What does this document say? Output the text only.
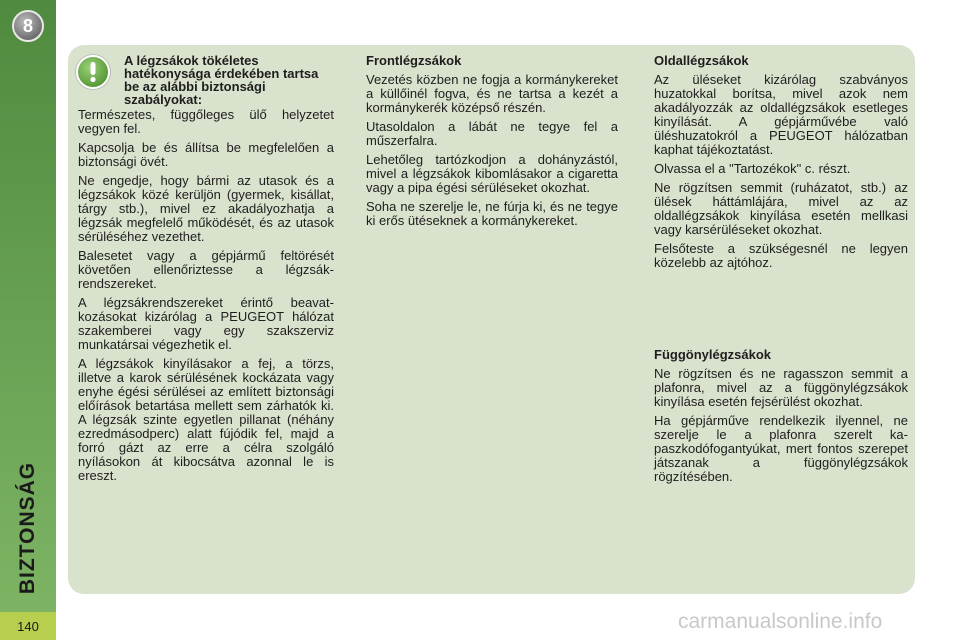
8
BIZTONSÁG
140
A légzsákok tökéletes hatékonysága érdekében tartsa be az alábbi biztonsági szabályokat:

Természetes, függőleges ülő helyzetet vegyen fel.

Kapcsolja be és állítsa be megfelelően a biztonsági övét.

Ne engedje, hogy bármi az utasok és a légzsákok közé kerüljön (gyermek, kisállat, tárgy stb.), mivel ez akadályozhatja a légzsák megfelelő működését, és az utasok sérüléséhez vezethet.

Balesetet vagy a gépjármű feltörését követően ellenőriztesse a légzsákrendszereket.

A légzsákrendszereket érintő beavatkozásokat kizárólag a PEUGEOT hálózat szakemberei vagy egy szakszerviz munkatársai végezhetik el.

A légzsákok kinyílásakor a fej, a törzs, illetve a karok sérülésének kockázata vagy enyhe égési sérülései az említett biztonsági előírások betartása mellett sem zárhatók ki. A légzsák szinte egyetlen pillanat (néhány ezredmásodperc) alatt fújódik fel, majd a forró gázt az erre a célra szolgáló nyílásokon át kibocsátva azonnal le is ereszt.

Frontlégzsákok

Vezetés közben ne fogja a kormánykereket a küllőinél fogva, és ne tartsa a kezét a kormánykerék középső részén.

Utasoldalon a lábát ne tegye fel a műszerfalra.

Lehetőleg tartózkodjon a dohányzástól, mivel a légzsákok kibomlásakor a cigaretta vagy a pipa égési sérüléseket okozhat.

Soha ne szerelje le, ne fúrja ki, és ne tegye ki erős ütéseknek a kormánykereket.

Oldallégzsákok

Az üléseket kizárólag szabványos huzatokkal borítsa, mivel azok nem akadályozzák az oldallégzsákok esetleges kinyílását. A gépjárművébe való üléshuzatokról a PEUGEOT hálózatban kaphat tájékoztatást.

Olvassa el a "Tartozékok" c. részt.

Ne rögzítsen semmit (ruházatot, stb.) az ülések háttámlájára, mivel az az oldallégzsákok kinyílása esetén mellkasi vagy karsérüléseket okozhat.

Felsőteste a szükségesnél ne legyen közelebb az ajtóhoz.

Függönylégzsákok

Ne rögzítsen és ne ragasszon semmit a plafonra, mivel az a függönylégzsákok kinyílása esetén fejsérülést okozhat.

Ha gépjárműve rendelkezik ilyennel, ne szerelje le a plafonra szerelt kapaszkodófogantyúkat, mert fontos szerepet játszanak a függönylégzsákok rögzítésében.

carmanualsonline.info
